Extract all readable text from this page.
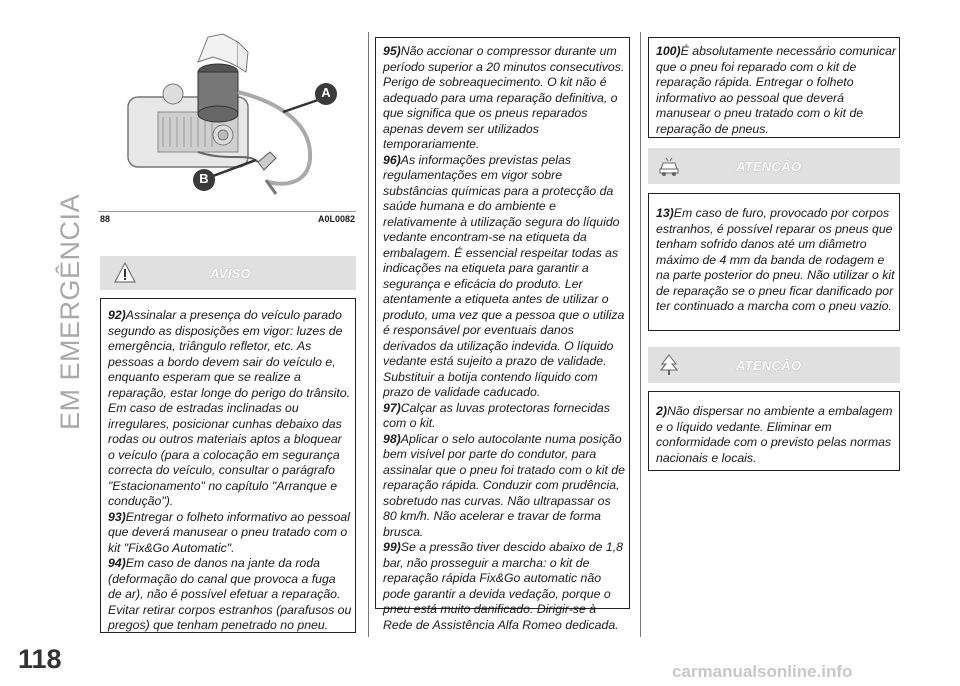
EM EMERGÊNCIA
A
B
88	A0L0082
AVISO

92)Assinalar a presença do veículo parado segundo as disposições em vigor: luzes de emergência, triângulo refletor, etc. As pessoas a bordo devem sair do veículo e, enquanto esperam que se realize a reparação, estar longe do perigo do trânsito. Em caso de estradas inclinadas ou irregulares, posicionar cunhas debaixo das rodas ou outros materiais aptos a bloquear o veículo (para a colocação em segurança correcta do veículo, consultar o parágrafo "Estacionamento" no capítulo "Arranque e condução").

93)Entregar o folheto informativo ao pessoal que deverá manusear o pneu tratado com o kit "Fix&Go Automatic".

94)Em caso de danos na jante da roda (deformação do canal que provoca a fuga de ar), não é possível efetuar a reparação. Evitar retirar corpos estranhos (parafusos ou pregos) que tenham penetrado no pneu.

95)Não accionar o compressor durante um período superior a 20 minutos consecutivos. Perigo de sobreaquecimento. O kit não é adequado para uma reparação definitiva, o que significa que os pneus reparados apenas devem ser utilizados temporariamente.

96)As informações previstas pelas regulamentações em vigor sobre substâncias químicas para a protecção da saúde humana e do ambiente e relativamente à utilização segura do líquido vedante encontram-se na etiqueta da embalagem. É essencial respeitar todas as indicações na etiqueta para garantir a segurança e eficácia do produto. Ler atentamente a etiqueta antes de utilizar o produto, uma vez que a pessoa que o utiliza é responsável por eventuais danos derivados da utilização indevida. O líquido vedante está sujeito a prazo de validade. Substituir a botija contendo líquido com prazo de validade caducado.

97)Calçar as luvas protectoras fornecidas com o kit.

98)Aplicar o selo autocolante numa posição bem visível por parte do condutor, para assinalar que o pneu foi tratado com o kit de reparação rápida. Conduzir com prudência, sobretudo nas curvas. Não ultrapassar os 80 km/h. Não acelerar e travar de forma brusca.

99)Se a pressão tiver descido abaixo de 1,8 bar, não prosseguir a marcha: o kit de reparação rápida Fix&Go automatic não pode garantir a devida vedação, porque o pneu está muito danificado. Dirigir-se à Rede de Assistência Alfa Romeo dedicada.

100)É absolutamente necessário comunicar que o pneu foi reparado com o kit de reparação rápida. Entregar o folheto informativo ao pessoal que deverá manusear o pneu tratado com o kit de reparação de pneus.

ATENÇÃO

13)Em caso de furo, provocado por corpos estranhos, é possível reparar os pneus que tenham sofrido danos até um diâmetro máximo de 4 mm da banda de rodagem e na parte posterior do pneu. Não utilizar o kit de reparação se o pneu ficar danificado por ter continuado a marcha com o pneu vazio.

ATENÇÃO

2)Não dispersar no ambiente a embalagem e o líquido vedante. Eliminar em conformidade com o previsto pelas normas nacionais e locais.

118	carmanualsonline.info
